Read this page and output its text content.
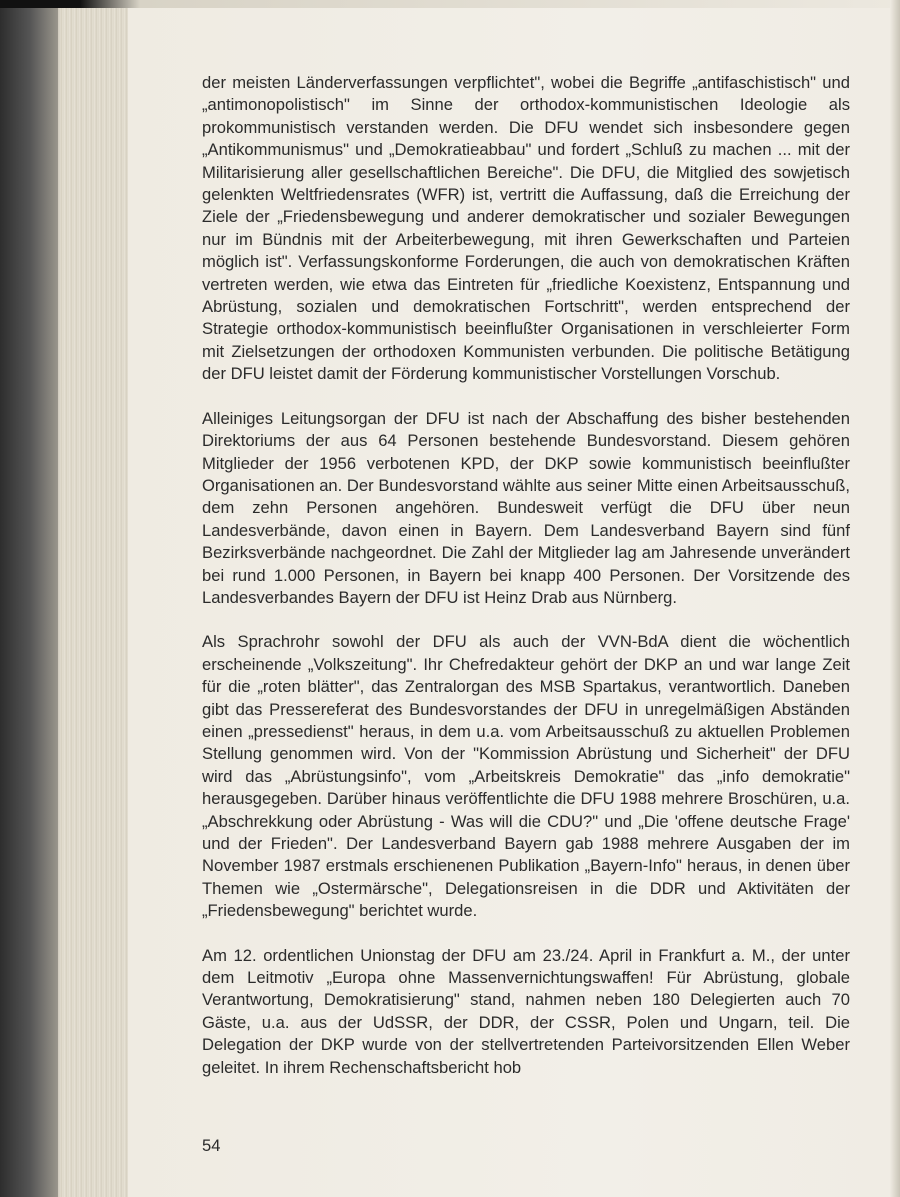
der meisten Länderverfassungen verpflichtet", wobei die Begriffe „antifaschistisch" und „antimonopolistisch" im Sinne der orthodox-kommunistischen Ideologie als prokommunistisch verstanden werden. Die DFU wendet sich insbesondere gegen „Antikommunismus" und „Demokratieabbau" und fordert „Schluß zu machen ... mit der Militarisierung aller gesellschaftlichen Bereiche". Die DFU, die Mitglied des sowjetisch gelenkten Weltfriedensrates (WFR) ist, vertritt die Auffassung, daß die Erreichung der Ziele der „Friedensbewegung und anderer demokratischer und sozialer Bewegungen nur im Bündnis mit der Arbeiterbewegung, mit ihren Gewerkschaften und Parteien möglich ist". Verfassungskonforme Forderungen, die auch von demokratischen Kräften vertreten werden, wie etwa das Eintreten für „friedliche Koexistenz, Entspannung und Abrüstung, sozialen und demokratischen Fortschritt", werden entsprechend der Strategie orthodox-kommunistisch beeinflußter Organisationen in verschleierter Form mit Zielsetzungen der orthodoxen Kommunisten verbunden. Die politische Betätigung der DFU leistet damit der Förderung kommunistischer Vorstellungen Vorschub.

Alleiniges Leitungsorgan der DFU ist nach der Abschaffung des bisher bestehenden Direktoriums der aus 64 Personen bestehende Bundesvorstand. Diesem gehören Mitglieder der 1956 verbotenen KPD, der DKP sowie kommunistisch beeinflußter Organisationen an. Der Bundesvorstand wählte aus seiner Mitte einen Arbeitsausschuß, dem zehn Personen angehören. Bundesweit verfügt die DFU über neun Landesverbände, davon einen in Bayern. Dem Landesverband Bayern sind fünf Bezirksverbände nachgeordnet. Die Zahl der Mitglieder lag am Jahresende unverändert bei rund 1.000 Personen, in Bayern bei knapp 400 Personen. Der Vorsitzende des Landesverbandes Bayern der DFU ist Heinz Drab aus Nürnberg.

Als Sprachrohr sowohl der DFU als auch der VVN-BdA dient die wöchentlich erscheinende „Volkszeitung". Ihr Chefredakteur gehört der DKP an und war lange Zeit für die „roten blätter", das Zentralorgan des MSB Spartakus, verantwortlich. Daneben gibt das Pressereferat des Bundesvorstandes der DFU in unregelmäßigen Abständen einen „pressedienst" heraus, in dem u.a. vom Arbeitsausschuß zu aktuellen Problemen Stellung genommen wird. Von der "Kommission Abrüstung und Sicherheit" der DFU wird das „Abrüstungsinfo", vom „Arbeitskreis Demokratie" das „info demokratie" herausgegeben. Darüber hinaus veröffentlichte die DFU 1988 mehrere Broschüren, u.a. „Abschrekkung oder Abrüstung - Was will die CDU?" und „Die 'offene deutsche Frage' und der Frieden". Der Landesverband Bayern gab 1988 mehrere Ausgaben der im November 1987 erstmals erschienenen Publikation „Bayern-Info" heraus, in denen über Themen wie „Ostermärsche", Delegationsreisen in die DDR und Aktivitäten der „Friedensbewegung" berichtet wurde.

Am 12. ordentlichen Unionstag der DFU am 23./24. April in Frankfurt a. M., der unter dem Leitmotiv „Europa ohne Massenvernichtungswaffen! Für Abrüstung, globale Verantwortung, Demokratisierung" stand, nahmen neben 180 Delegierten auch 70 Gäste, u.a. aus der UdSSR, der DDR, der CSSR, Polen und Ungarn, teil. Die Delegation der DKP wurde von der stellvertretenden Parteivorsitzenden Ellen Weber geleitet. In ihrem Rechenschaftsbericht hob

54
